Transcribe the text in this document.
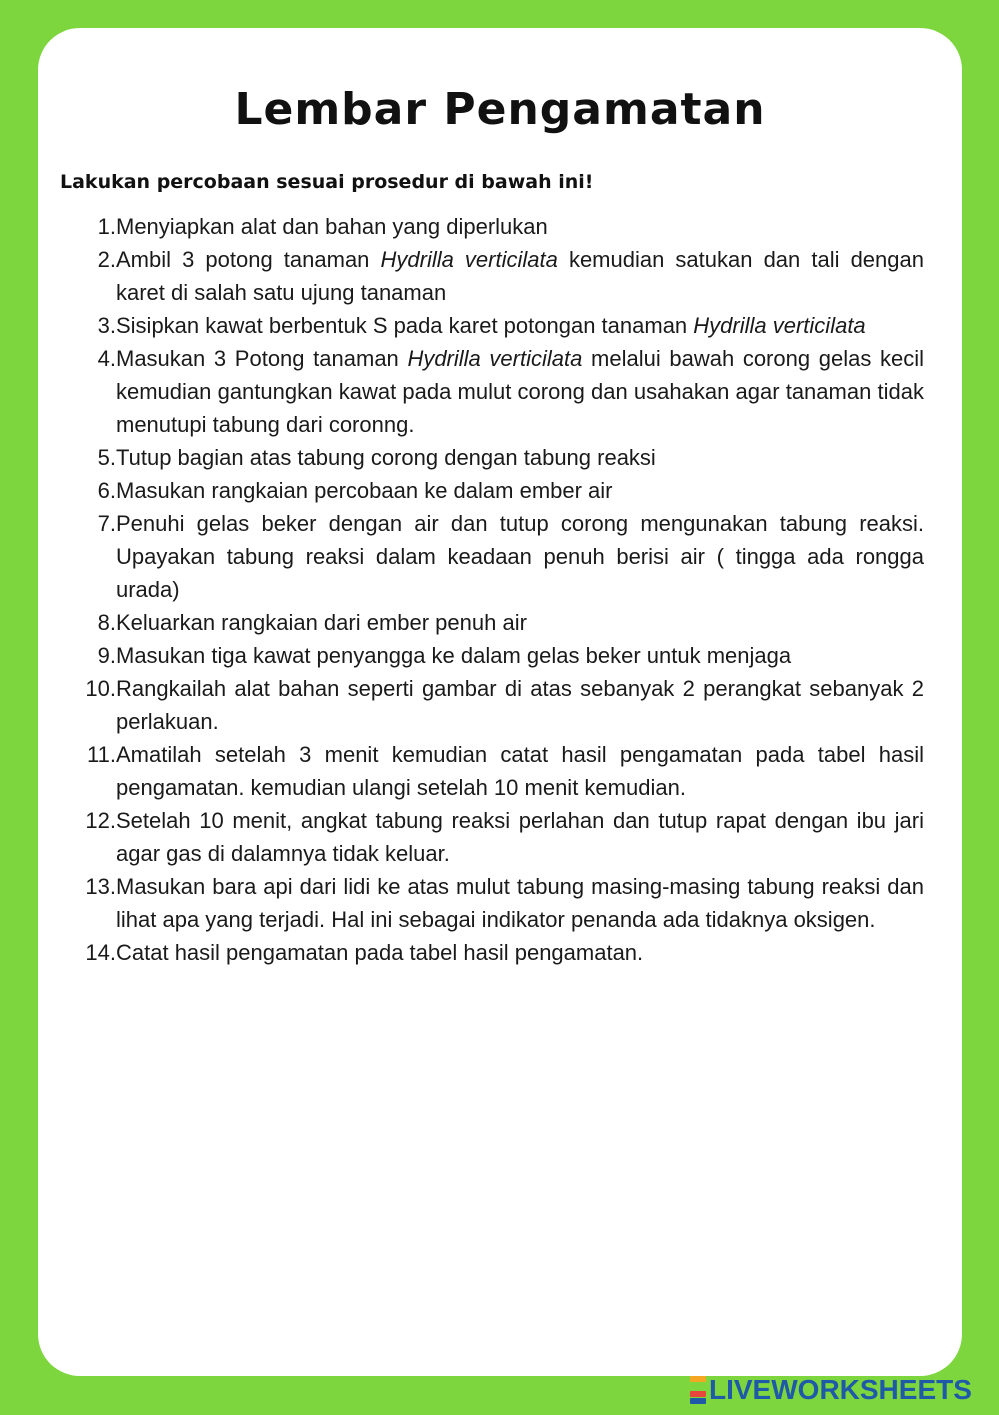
Lembar Pengamatan

Lakukan percobaan sesuai prosedur di bawah ini!

1. Menyiapkan alat dan bahan yang diperlukan
2. Ambil 3 potong tanaman Hydrilla verticilata kemudian satukan dan tali dengan karet di salah satu ujung tanaman
3. Sisipkan kawat berbentuk S pada karet potongan tanaman Hydrilla verticilata
4. Masukan 3 Potong tanaman Hydrilla verticilata melalui bawah corong gelas kecil kemudian gantungkan kawat pada mulut corong dan usahakan agar tanaman tidak menutupi tabung dari coronng.
5. Tutup bagian atas tabung corong dengan tabung reaksi
6. Masukan rangkaian percobaan ke dalam ember air
7. Penuhi gelas beker dengan air dan tutup corong mengunakan tabung reaksi. Upayakan tabung reaksi dalam keadaan penuh berisi air ( tingga ada rongga urada)
8. Keluarkan rangkaian dari ember penuh air
9. Masukan tiga kawat penyangga ke dalam gelas beker untuk menjaga
10. Rangkailah alat bahan seperti gambar di atas sebanyak 2 perangkat sebanyak 2 perlakuan.
11. Amatilah setelah 3 menit kemudian catat hasil pengamatan pada tabel hasil pengamatan. kemudian ulangi setelah 10 menit kemudian.
12. Setelah 10 menit, angkat tabung reaksi perlahan dan tutup rapat dengan ibu jari agar gas di dalamnya tidak keluar.
13. Masukan bara api dari lidi ke atas mulut tabung masing-masing tabung reaksi dan lihat apa yang terjadi. Hal ini sebagai indikator penanda ada tidaknya oksigen.
14. Catat hasil pengamatan pada tabel hasil pengamatan.
LIVEWORKSHEETS
